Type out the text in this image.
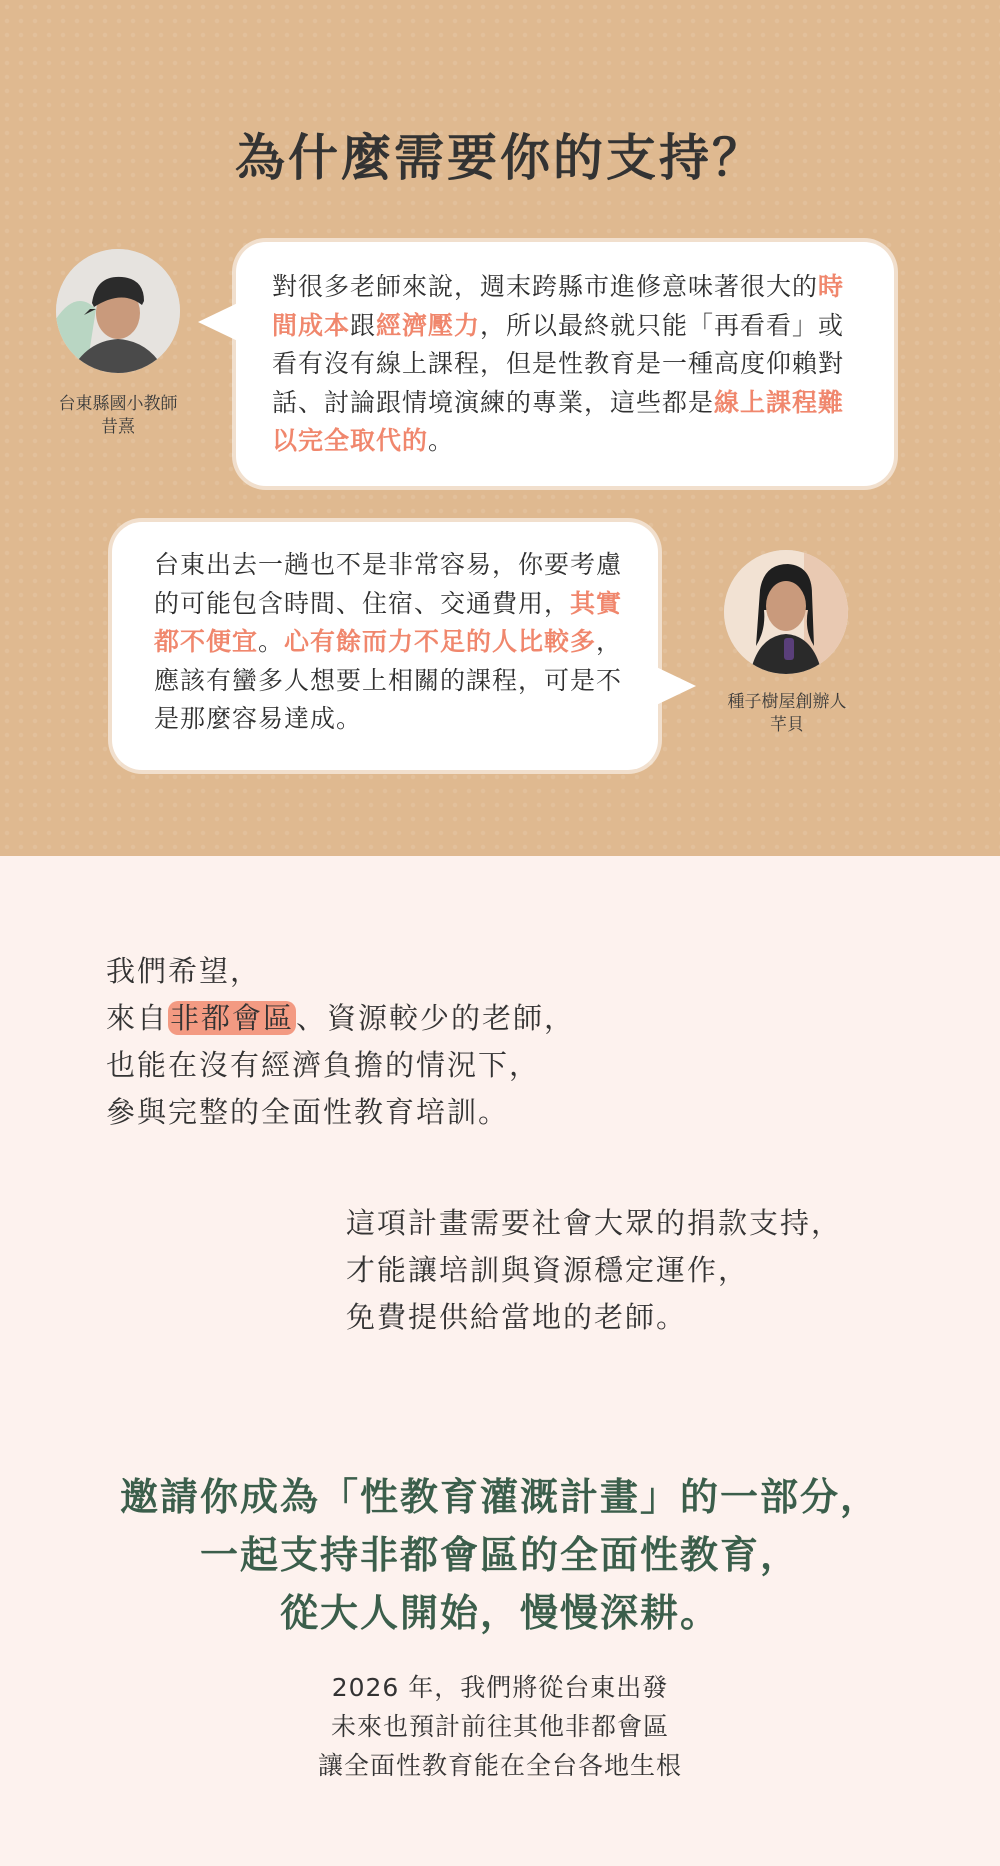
為什麼需要你的支持？
台東縣國小教師
昔熹
對很多老師來說，週末跨縣市進修意味著很大的時間成本跟經濟壓力，所以最終就只能「再看看」或看有沒有線上課程，但是性教育是一種高度仰賴對話、討論跟情境演練的專業，這些都是線上課程難以完全取代的。
台東出去一趟也不是非常容易，你要考慮的可能包含時間、住宿、交通費用，其實都不便宜。心有餘而力不足的人比較多，應該有蠻多人想要上相關的課程，可是不是那麼容易達成。
種子樹屋創辦人
芊貝
我們希望，
來自非都會區、資源較少的老師，
也能在沒有經濟負擔的情況下，
參與完整的全面性教育培訓。
這項計畫需要社會大眾的捐款支持，
才能讓培訓與資源穩定運作，
免費提供給當地的老師。
邀請你成為「性教育灌溉計畫」的一部分，
一起支持非都會區的全面性教育，
從大人開始，慢慢深耕。
2026 年，我們將從台東出發
未來也預計前往其他非都會區
讓全面性教育能在全台各地生根
